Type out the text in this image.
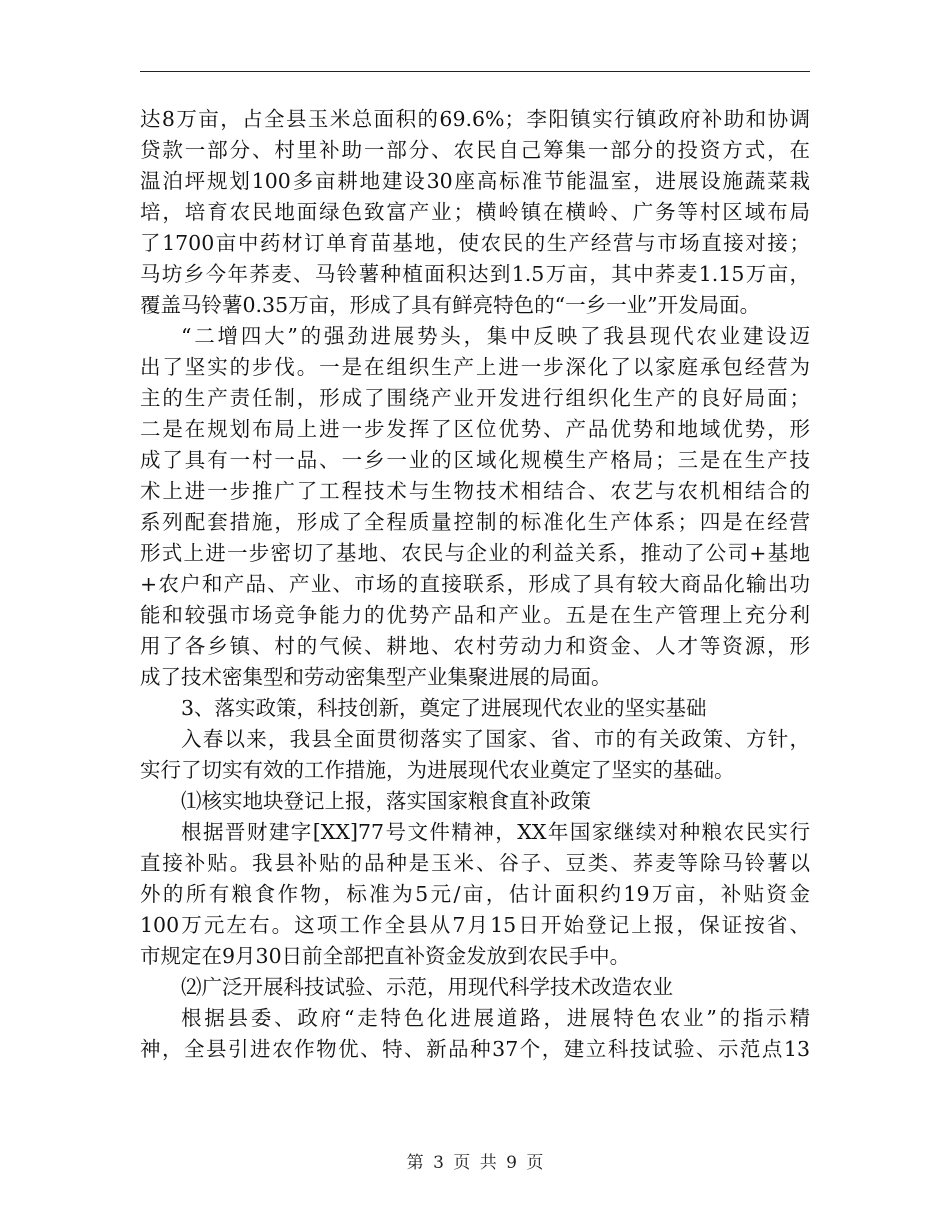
达8万亩，占全县玉米总面积的69.6%；李阳镇实行镇政府补助和协调
贷款一部分、村里补助一部分、农民自己筹集一部分的投资方式，在
温泊坪规划100多亩耕地建设30座高标准节能温室，进展设施蔬菜栽
培，培育农民地面绿色致富产业；横岭镇在横岭、广务等村区域布局
了1700亩中药材订单育苗基地，使农民的生产经营与市场直接对接；
马坊乡今年荞麦、马铃薯种植面积达到1.5万亩，其中荞麦1.15万亩，
覆盖马铃薯0.35万亩，形成了具有鲜亮特色的“一乡一业”开发局面。
“二增四大”的强劲进展势头，集中反映了我县现代农业建设迈
出了坚实的步伐。一是在组织生产上进一步深化了以家庭承包经营为
主的生产责任制，形成了围绕产业开发进行组织化生产的良好局面；
二是在规划布局上进一步发挥了区位优势、产品优势和地域优势，形
成了具有一村一品、一乡一业的区域化规模生产格局；三是在生产技
术上进一步推广了工程技术与生物技术相结合、农艺与农机相结合的
系列配套措施，形成了全程质量控制的标准化生产体系；四是在经营
形式上进一步密切了基地、农民与企业的利益关系，推动了公司+基地
+农户和产品、产业、市场的直接联系，形成了具有较大商品化输出功
能和较强市场竞争能力的优势产品和产业。五是在生产管理上充分利
用了各乡镇、村的气候、耕地、农村劳动力和资金、人才等资源，形
成了技术密集型和劳动密集型产业集聚进展的局面。
3、落实政策，科技创新，奠定了进展现代农业的坚实基础
入春以来，我县全面贯彻落实了国家、省、市的有关政策、方针，
实行了切实有效的工作措施，为进展现代农业奠定了坚实的基础。
⑴核实地块登记上报，落实国家粮食直补政策
根据晋财建字[XX]77号文件精神，XX年国家继续对种粮农民实行
直接补贴。我县补贴的品种是玉米、谷子、豆类、荞麦等除马铃薯以
外的所有粮食作物，标准为5元/亩，估计面积约19万亩，补贴资金
100万元左右。这项工作全县从7月15日开始登记上报，保证按省、
市规定在9月30日前全部把直补资金发放到农民手中。
⑵广泛开展科技试验、示范，用现代科学技术改造农业
根据县委、政府“走特色化进展道路，进展特色农业”的指示精
神，全县引进农作物优、特、新品种37个，建立科技试验、示范点13
第 3 页 共 9 页
